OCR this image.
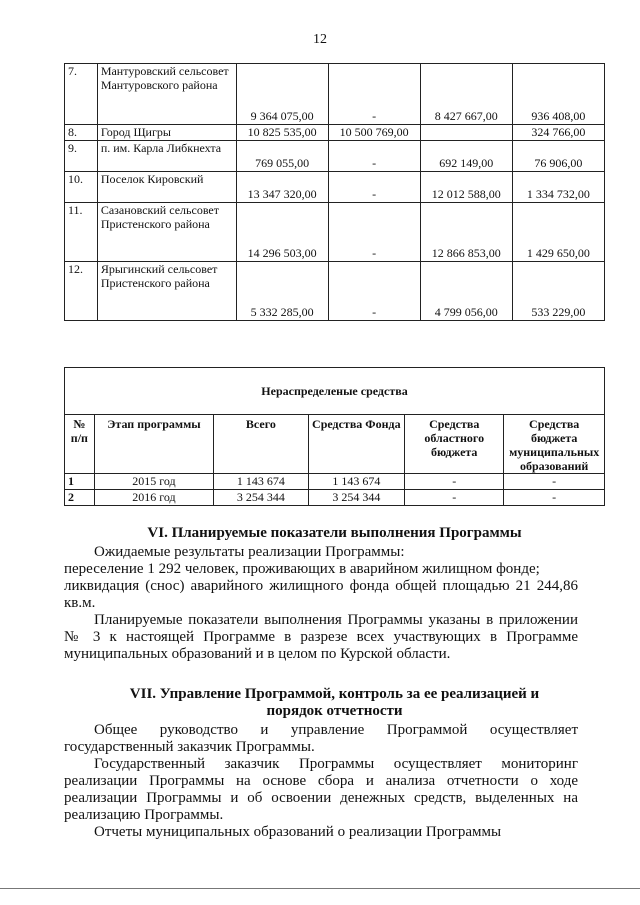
12
7.	Мантуровский сельсовет Мантуровского района	9 364 075,00	-	8 427 667,00	936 408,00
8.	Город Щигры	10 825 535,00	10 500 769,00		324 766,00
9.	п. им. Карла Либкнехта	769 055,00	-	692 149,00	76 906,00
10.	Поселок Кировский	13 347 320,00	-	12 012 588,00	1 334 732,00
11.	Сазановский сельсовет Пристенского района	14 296 503,00	-	12 866 853,00	1 429 650,00
12.	Ярыгинский сельсовет Пристенского района	5 332 285,00	-	4 799 056,00	533 229,00
Нераспределеные средства					
№ п/п	Этап программы	Всего	Средства Фонда	Средства областного бюджета	Средства бюджета муниципальных образований
1	2015 год	1 143 674	1 143 674	-	-
2	2016 год	3 254 344	3 254 344	-	-
VI. Планируемые показатели выполнения Программы

Ожидаемые результаты реализации Программы:

переселение 1 292 человек, проживающих в аварийном жилищном фонде;

ликвидация (снос) аварийного жилищного фонда общей площадью 21 244,86 кв.м.

Планируемые показатели выполнения Программы указаны в приложении № 3 к настоящей Программе в разрезе всех участвующих в Программе муниципальных образований и в целом по Курской области.

VII. Управление Программой, контроль за ее реализацией и
порядок отчетности

Общее руководство и управление Программой осуществляет государственный заказчик Программы.

Государственный заказчик Программы осуществляет мониторинг реализации Программы на основе сбора и анализа отчетности о ходе реализации Программы и об освоении денежных средств, выделенных на реализацию Программы.

Отчеты муниципальных образований о реализации Программы
